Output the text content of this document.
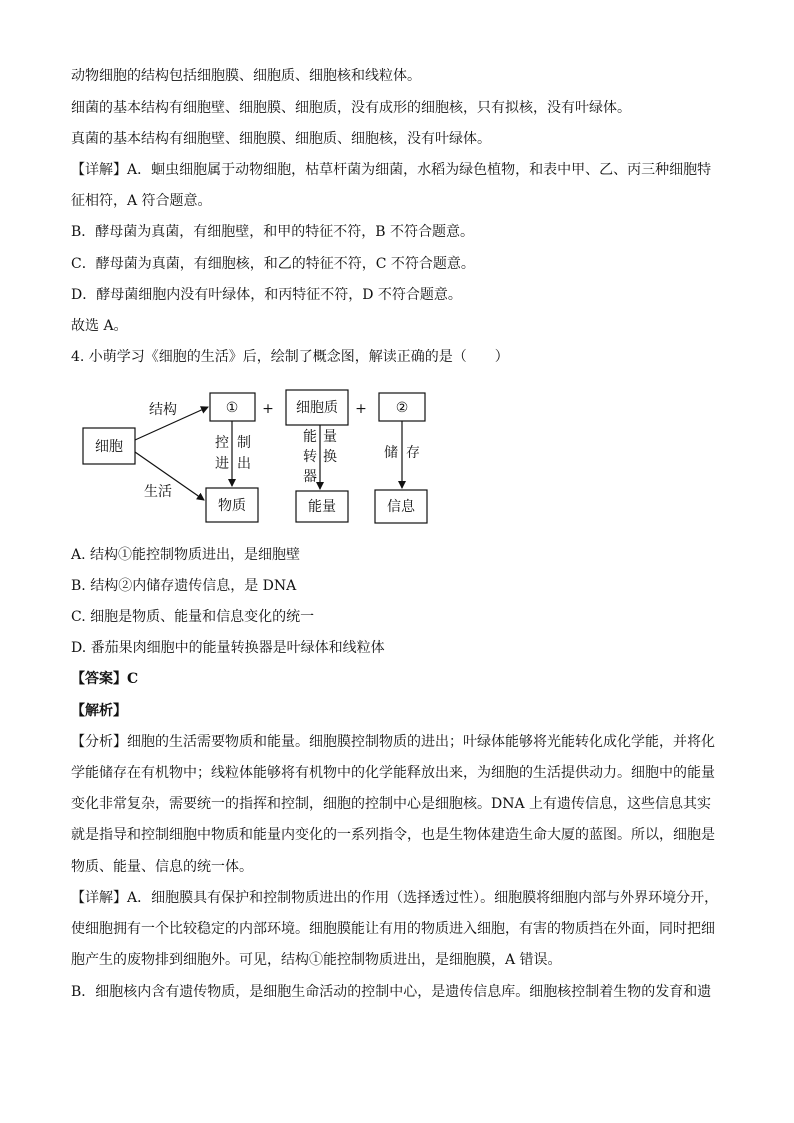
动物细胞的结构包括细胞膜、细胞质、细胞核和线粒体。
细菌的基本结构有细胞壁、细胞膜、细胞质，没有成形的细胞核，只有拟核，没有叶绿体。
真菌的基本结构有细胞壁、细胞膜、细胞质、细胞核，没有叶绿体。
【详解】A．蛔虫细胞属于动物细胞，枯草杆菌为细菌，水稻为绿色植物，和表中甲、乙、丙三种细胞特
征相符，A 符合题意。
B．酵母菌为真菌，有细胞壁，和甲的特征不符，B 不符合题意。
C．酵母菌为真菌，有细胞核，和乙的特征不符，C 不符合题意。
D．酵母菌细胞内没有叶绿体，和丙特征不符，D 不符合题意。
故选 A。
4. 小萌学习《细胞的生活》后，绘制了概念图，解读正确的是（　　）
细胞
结构
生活
① + 细胞质 + ②
控 制
进 出
能 量
转 换
器
储 存
物质	能量	信息
A. 结构①能控制物质进出，是细胞壁
B. 结构②内储存遗传信息，是 DNA
C. 细胞是物质、能量和信息变化的统一
D. 番茄果肉细胞中的能量转换器是叶绿体和线粒体
【答案】C
【解析】
【分析】细胞的生活需要物质和能量。细胞膜控制物质的进出；叶绿体能够将光能转化成化学能，并将化
学能储存在有机物中；线粒体能够将有机物中的化学能释放出来，为细胞的生活提供动力。细胞中的能量
变化非常复杂，需要统一的指挥和控制，细胞的控制中心是细胞核。DNA 上有遗传信息，这些信息其实
就是指导和控制细胞中物质和能量内变化的一系列指令，也是生物体建造生命大厦的蓝图。所以，细胞是
物质、能量、信息的统一体。
【详解】A．细胞膜具有保护和控制物质进出的作用（选择透过性）。细胞膜将细胞内部与外界环境分开，
使细胞拥有一个比较稳定的内部环境。细胞膜能让有用的物质进入细胞，有害的物质挡在外面，同时把细
胞产生的废物排到细胞外。可见，结构①能控制物质进出，是细胞膜，A 错误。
B．细胞核内含有遗传物质，是细胞生命活动的控制中心，是遗传信息库。细胞核控制着生物的发育和遗
